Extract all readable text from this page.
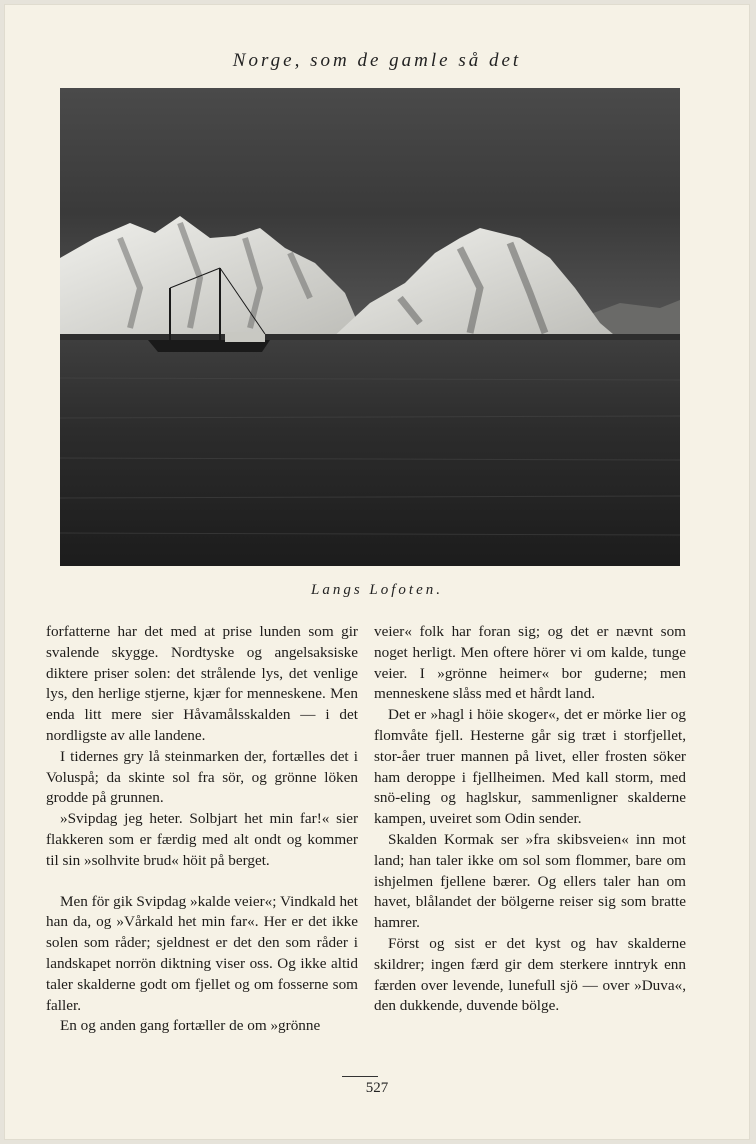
Norge, som de gamle så det
Langs Lofoten.

forfatterne har det med at prise lunden som gir svalende skygge. Nordtyske og angelsaksiske diktere priser solen: det strålende lys, det venlige lys, den herlige stjerne, kjær for menneskene. Men enda litt mere sier Håvamålsskalden — i det nordligste av alle landene.

I tidernes gry lå steinmarken der, fortælles det i Voluspå; da skinte sol fra sör, og grönne löken grodde på grunnen.

»Svipdag jeg heter. Solbjart het min far!« sier flakkeren som er færdig med alt ondt og kommer til sin »solhvite brud« höit på berget.

Men för gik Svipdag »kalde veier«; Vindkald het han da, og »Vårkald het min far«. Her er det ikke solen som råder; sjeldnest er det den som råder i landskapet norrön diktning viser oss. Og ikke altid taler skalderne godt om fjellet og om fosserne som faller.

En og anden gang fortæller de om »grönne

veier« folk har foran sig; og det er nævnt som noget herligt. Men oftere hörer vi om kalde, tunge veier. I »grönne heimer« bor guderne; men menneskene slåss med et hårdt land.

Det er »hagl i höie skoger«, det er mörke lier og flomvåte fjell. Hesterne går sig træt i storfjellet, stor-åer truer mannen på livet, eller frosten söker ham deroppe i fjellheimen. Med kall storm, med snö-eling og haglskur, sammenligner skalderne kampen, uveiret som Odin sender.

Skalden Kormak ser »fra skibsveien« inn mot land; han taler ikke om sol som flommer, bare om ishjelmen fjellene bærer. Og ellers taler han om havet, blålandet der bölgerne reiser sig som bratte hamrer.

Först og sist er det kyst og hav skalderne skildrer; ingen færd gir dem sterkere inntryk enn færden over levende, lunefull sjö — over »Duva«, den dukkende, duvende bölge.

527
